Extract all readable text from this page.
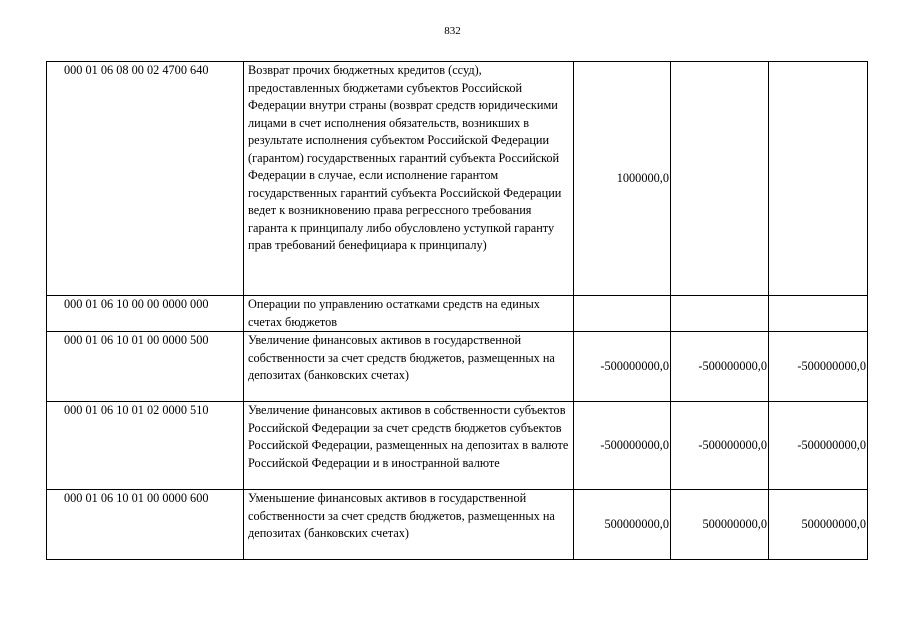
832
000 01 06 08 00 02 4700 640	Возврат прочих бюджетных кредитов (ссуд), предоставленных бюджетами субъектов Российской Федерации внутри страны (возврат средств юридическими лицами в счет исполнения обязательств, возникших в результате исполнения субъектом Российской Федерации (гарантом) государственных гарантий субъекта Российской Федерации в случае, если исполнение гарантом государственных гарантий субъекта Российской Федерации ведет к возникновению права регрессного требования гаранта к принципалу либо обусловлено уступкой гаранту прав требований бенефициара к принципалу)	1000000,0		
000 01 06 10 00 00 0000 000	Операции по управлению остатками средств на единых счетах бюджетов			
000 01 06 10 01 00 0000 500	Увеличение финансовых активов в государственной собственности за счет средств бюджетов, размещенных на депозитах (банковских счетах)	-500000000,0	-500000000,0	-500000000,0
000 01 06 10 01 02 0000 510	Увеличение финансовых активов в собственности субъектов Российской Федерации за счет средств бюджетов субъектов Российской Федерации, размещенных на депозитах в валюте Российской Федерации и в иностранной валюте	-500000000,0	-500000000,0	-500000000,0
000 01 06 10 01 00 0000 600	Уменьшение финансовых активов в государственной собственности за счет средств бюджетов, размещенных на депозитах (банковских счетах)	500000000,0	500000000,0	500000000,0
